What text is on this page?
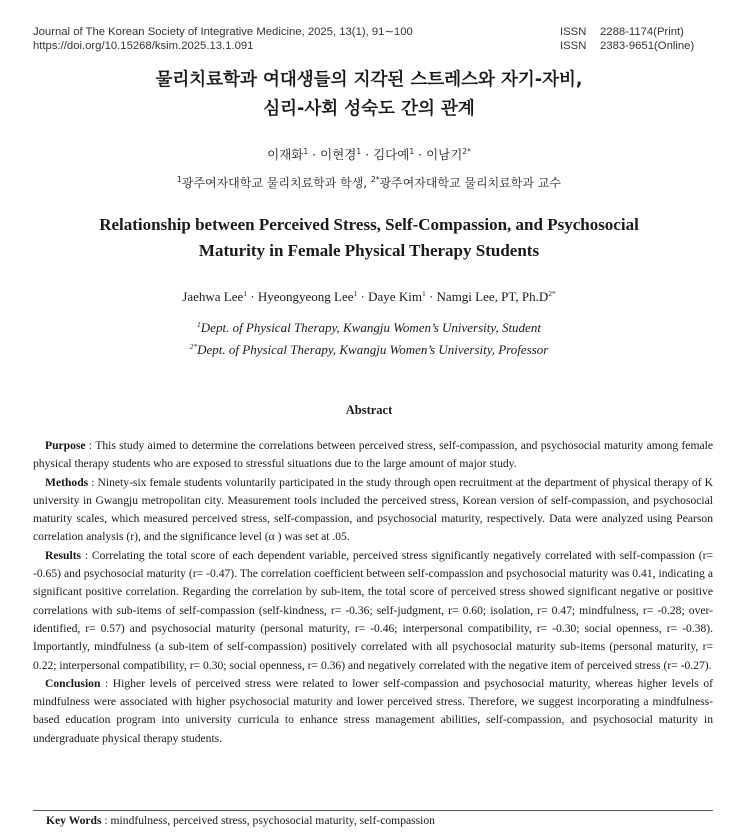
Journal of The Korean Society of Integrative Medicine, 2025, 13(1), 91∼100
https://doi.org/10.15268/ksim.2025.13.1.091
ISSN 2288-1174(Print)
ISSN 2383-9651(Online)
물리치료학과 여대생들의 지각된 스트레스와 자기-자비,
심리-사회 성숙도 간의 관계
이재화$^1$ · 이현경$^1$ · 김다예$^1$ · 이남기$^{2*}$
$^1$광주여자대학교 물리치료학과 학생, $^{2*}$광주여자대학교 물리치료학과 교수
Relationship between Perceived Stress, Self-Compassion, and Psychosocial
Maturity in Female Physical Therapy Students
Jaehwa Lee$^1$ · Hyeongyeong Lee$^1$ · Daye Kim$^1$ · Namgi Lee, PT, $Ph.D^{2*}$
$^1$Dept. of Physical Therapy, Kwangju Women’s University, Student
$^{2*}$Dept. of Physical Therapy, Kwangju Women’s University, Professor
Abstract

Purpose : This study aimed to determine the correlations between perceived stress, self-compassion, and psychosocial maturity among female physical therapy students who are exposed to stressful situations due to the large amount of major study.

Methods : Ninety-six female students voluntarily participated in the study through open recruitment at the department of physical therapy of K university in Gwangju metropolitan city. Measurement tools included the perceived stress, Korean version of self-compassion, and psychosocial maturity scales, which measured perceived stress, self-compassion, and psychosocial maturity, respectively. Data were analyzed using Pearson correlation analysis (r), and the significance level (α ) was set at .05.

Results : Correlating the total score of each dependent variable, perceived stress significantly negatively correlated with self-compassion (r= -0.65) and psychosocial maturity (r= -0.47). The correlation coefficient between self-compassion and psychosocial maturity was 0.41, indicating a significant positive correlation. Regarding the correlation by sub-item, the total score of perceived stress showed significant negative or positive correlations with sub-items of self-compassion (self-kindness, r= -0.36; self-judgment, r= 0.60; isolation, r= 0.47; mindfulness, r= -0.28; over-identified, r= 0.57) and psychosocial maturity (personal maturity, r= -0.46; interpersonal compatibility, r= -0.30; social openness, r= -0.38). Importantly, mindfulness (a sub-item of self-compassion) positively correlated with all psychosocial maturity sub-items (personal maturity, r= 0.22; interpersonal compatibility, r= 0.30; social openness, r= 0.36) and negatively correlated with the negative item of perceived stress (r= -0.27).

Conclusion : Higher levels of perceived stress were related to lower self-compassion and psychosocial maturity, whereas higher levels of mindfulness were associated with higher psychosocial maturity and lower perceived stress. Therefore, we suggest incorporating a mindfulness-based education program into university curricula to enhance stress management abilities, self-compassion, and psychosocial maturity in undergraduate physical therapy students.

Key Words : mindfulness, perceived stress, psychosocial maturity, self-compassion
